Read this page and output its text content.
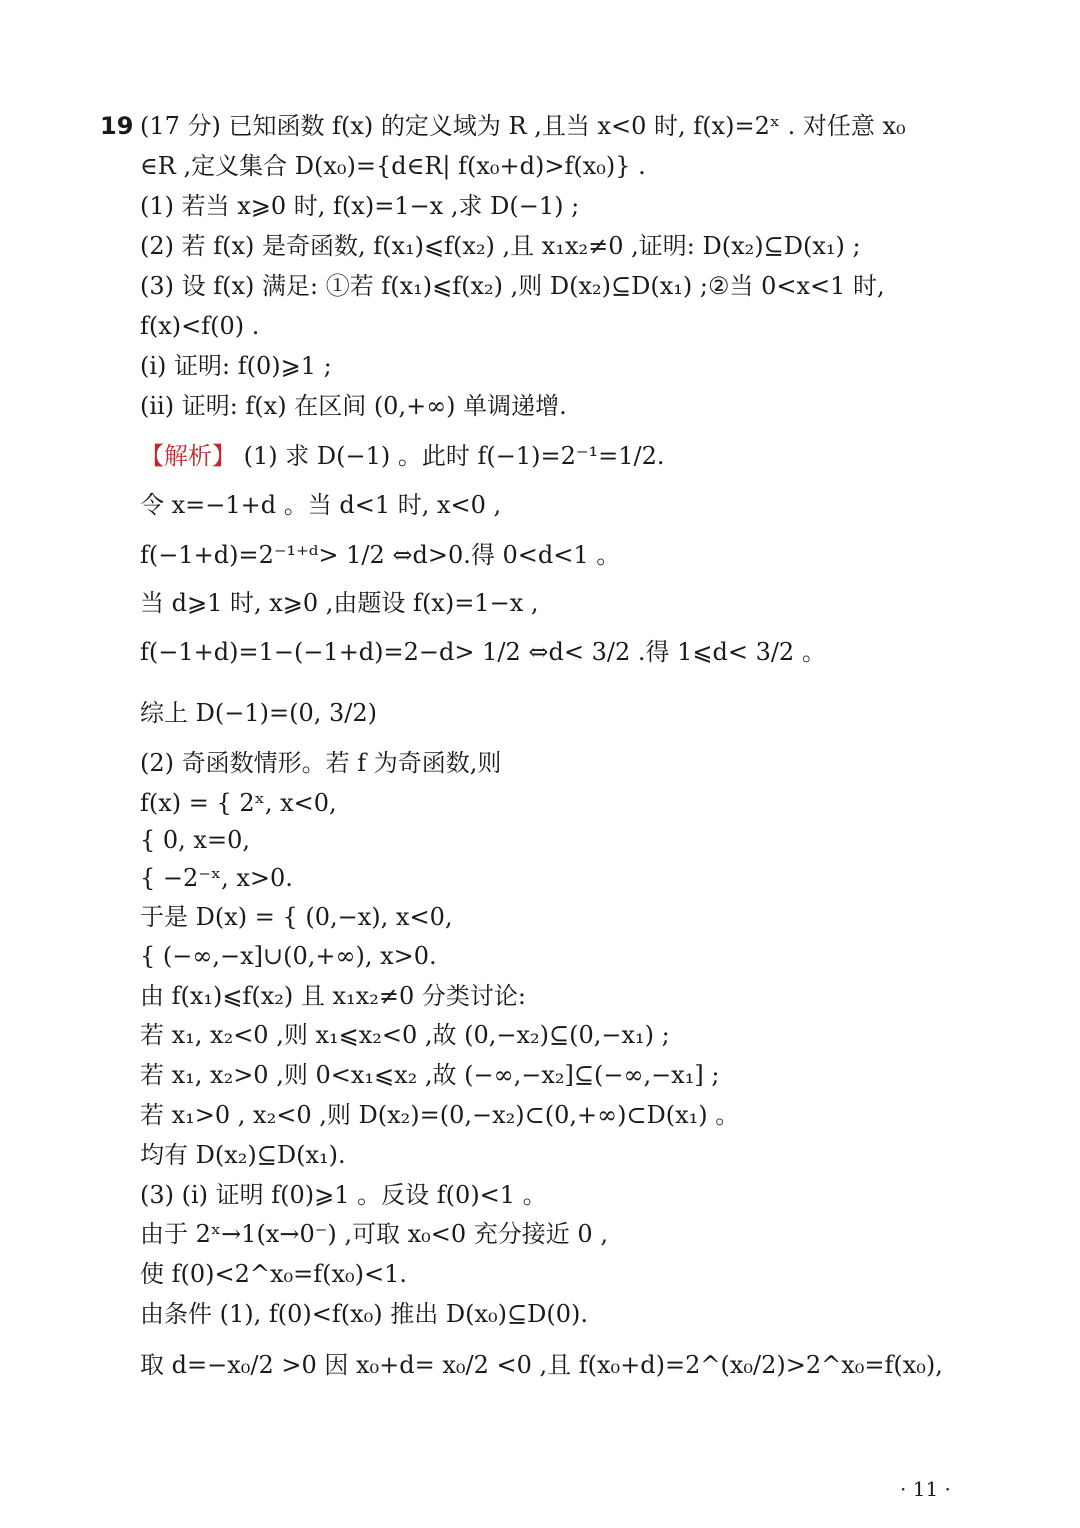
19 (17 分) 已知函数 f(x) 的定义域为 R ,且当 x<0 时, f(x)=2ˣ . 对任意 x₀
∈R ,定义集合 D(x₀)={d∈R| f(x₀+d)>f(x₀)} .
(1) 若当 x⩾0 时, f(x)=1−x ,求 D(−1) ;
(2) 若 f(x) 是奇函数, f(x₁)⩽f(x₂) ,且 x₁x₂≠0 ,证明: D(x₂)⊆D(x₁) ;
(3) 设 f(x) 满足: ①若 f(x₁)⩽f(x₂) ,则 D(x₂)⊆D(x₁) ;②当 0<x<1 时,
f(x)<f(0) .
(i) 证明: f(0)⩾1 ;
(ii) 证明: f(x) 在区间 (0,+∞) 单调递增.
【解析】 (1) 求 D(−1) 。此时 f(−1)=2⁻¹=1/2.
令 x=−1+d 。当 d<1 时, x<0 ,
f(−1+d)=2⁻¹⁺ᵈ> 1/2 ⇔d>0.得 0<d<1 。
当 d⩾1 时, x⩾0 ,由题设 f(x)=1−x ,
f(−1+d)=1−(−1+d)=2−d> 1/2 ⇔d< 3/2 .得 1⩽d< 3/2 。
综上 D(−1)=(0, 3/2)
(2) 奇函数情形。若 f 为奇函数,则
f(x) = { 2ˣ, x<0,
{ 0, x=0,
{ −2⁻ˣ, x>0.
于是 D(x) = { (0,−x), x<0,
{ (−∞,−x]∪(0,+∞), x>0.
由 f(x₁)⩽f(x₂) 且 x₁x₂≠0 分类讨论:
若 x₁, x₂<0 ,则 x₁⩽x₂<0 ,故 (0,−x₂)⊆(0,−x₁) ;
若 x₁, x₂>0 ,则 0<x₁⩽x₂ ,故 (−∞,−x₂]⊆(−∞,−x₁] ;
若 x₁>0 , x₂<0 ,则 D(x₂)=(0,−x₂)⊂(0,+∞)⊂D(x₁) 。
均有 D(x₂)⊆D(x₁).
(3) (i) 证明 f(0)⩾1 。反设 f(0)<1 。
由于 2ˣ→1(x→0⁻) ,可取 x₀<0 充分接近 0 ,
使 f(0)<2^x₀=f(x₀)<1.
由条件 (1), f(0)<f(x₀) 推出 D(x₀)⊆D(0).
取 d=−x₀/2 >0 因 x₀+d= x₀/2 <0 ,且 f(x₀+d)=2^(x₀/2)>2^x₀=f(x₀),
· 11 ·
